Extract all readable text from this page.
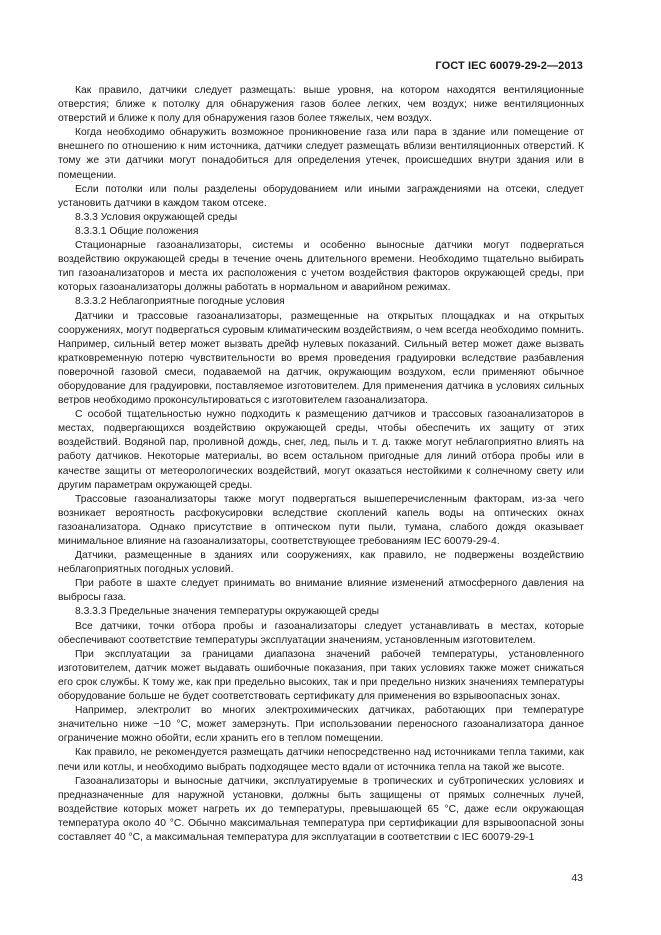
ГОСТ IEC 60079-29-2—2013

Как правило, датчики следует размещать: выше уровня, на котором находятся вентиляционные отверстия; ближе к потолку для обнаружения газов более легких, чем воздух; ниже вентиляционных отверстий и ближе к полу для обнаружения газов более тяжелых, чем воздух.

Когда необходимо обнаружить возможное проникновение газа или пара в здание или помещение от внешнего по отношению к ним источника, датчики следует размещать вблизи вентиляционных отверстий. К тому же эти датчики могут понадобиться для определения утечек, происшедших внутри здания или в помещении.

Если потолки или полы разделены оборудованием или иными заграждениями на отсеки, следует установить датчики в каждом таком отсеке.

8.3.3 Условия окружающей среды

8.3.3.1 Общие положения

Стационарные газоанализаторы, системы и особенно выносные датчики могут подвергаться воздействию окружающей среды в течение очень длительного времени. Необходимо тщательно выбирать тип газоанализаторов и места их расположения с учетом воздействия факторов окружающей среды, при которых газоанализаторы должны работать в нормальном и аварийном режимах.

8.3.3.2 Неблагоприятные погодные условия

Датчики и трассовые газоанализаторы, размещенные на открытых площадках и на открытых сооружениях, могут подвергаться суровым климатическим воздействиям, о чем всегда необходимо помнить. Например, сильный ветер может вызвать дрейф нулевых показаний. Сильный ветер может даже вызвать кратковременную потерю чувствительности во время проведения градуировки вследствие разбавления поверочной газовой смеси, подаваемой на датчик, окружающим воздухом, если применяют обычное оборудование для градуировки, поставляемое изготовителем. Для применения датчика в условиях сильных ветров необходимо проконсультироваться с изготовителем газоанализатора.

С особой тщательностью нужно подходить к размещению датчиков и трассовых газоанализаторов в местах, подвергающихся воздействию окружающей среды, чтобы обеспечить их защиту от этих воздействий. Водяной пар, проливной дождь, снег, лед, пыль и т. д. также могут неблагоприятно влиять на работу датчиков. Некоторые материалы, во всем остальном пригодные для линий отбора пробы или в качестве защиты от метеорологических воздействий, могут оказаться нестойкими к солнечному свету или другим параметрам окружающей среды.

Трассовые газоанализаторы также могут подвергаться вышеперечисленным факторам, из-за чего возникает вероятность расфокусировки вследствие скоплений капель воды на оптических окнах газоанализатора. Однако присутствие в оптическом пути пыли, тумана, слабого дождя оказывает минимальное влияние на газоанализаторы, соответствующее требованиям IEC 60079-29-4.

Датчики, размещенные в зданиях или сооружениях, как правило, не подвержены воздействию неблагоприятных погодных условий.

При работе в шахте следует принимать во внимание влияние изменений атмосферного давления на выбросы газа.

8.3.3.3 Предельные значения температуры окружающей среды

Все датчики, точки отбора пробы и газоанализаторы следует устанавливать в местах, которые обеспечивают соответствие температуры эксплуатации значениям, установленным изготовителем.

При эксплуатации за границами диапазона значений рабочей температуры, установленного изготовителем, датчик может выдавать ошибочные показания, при таких условиях также может снижаться его срок службы. К тому же, как при предельно высоких, так и при предельно низких значениях температуры оборудование больше не будет соответствовать сертификату для применения во взрывоопасных зонах.

Например, электролит во многих электрохимических датчиках, работающих при температуре значительно ниже −10 °С, может замерзнуть. При использовании переносного газоанализатора данное ограничение можно обойти, если хранить его в теплом помещении.

Как правило, не рекомендуется размещать датчики непосредственно над источниками тепла такими, как печи или котлы, и необходимо выбрать подходящее место вдали от источника тепла на такой же высоте.

Газоанализаторы и выносные датчики, эксплуатируемые в тропических и субтропических условиях и предназначенные для наружной установки, должны быть защищены от прямых солнечных лучей, воздействие которых может нагреть их до температуры, превышающей 65 °С, даже если окружающая температура около 40 °С. Обычно максимальная температура при сертификации для взрывоопасной зоны составляет 40 °С, а максимальная температура для эксплуатации в соответствии с IEC 60079-29-1

43
